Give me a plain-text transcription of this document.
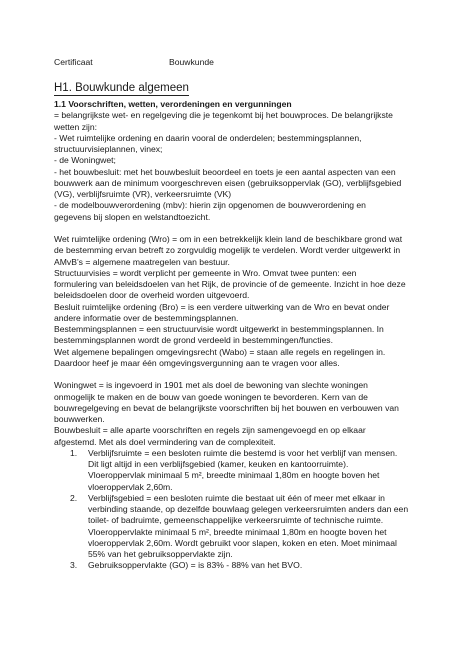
Certificaat	Bouwkunde
H1. Bouwkunde algemeen
1.1 Voorschriften, wetten, verordeningen en vergunningen

= belangrijkste wet- en regelgeving die je tegenkomt bij het bouwproces. De belangrijkste

wetten zijn:

- Wet ruimtelijke ordening en daarin vooral de onderdelen; bestemmingsplannen,

structuurvisieplannen, vinex;

- de Woningwet;

- het bouwbesluit: met het bouwbesluit beoordeel en toets je een aantal aspecten van een

bouwwerk aan de minimum voorgeschreven eisen (gebruiksoppervlak (GO), verblijfsgebied

(VG), verblijfsruimte (VR), verkeersruimte (VK)

- de modelbouwverordening (mbv): hierin zijn opgenomen de bouwverordening en

gegevens bij slopen en welstandtoezicht.

Wet ruimtelijke ordening (Wro) = om in een betrekkelijk klein land de beschikbare grond wat

de bestemming ervan betreft zo zorgvuldig mogelijk te verdelen. Wordt verder uitgewerkt in

AMvB’s = algemene maatregelen van bestuur.

Structuurvisies = wordt verplicht per gemeente in Wro. Omvat twee punten: een

formulering van beleidsdoelen van het Rijk, de provincie of de gemeente. Inzicht in hoe deze

beleidsdoelen door de overheid worden uitgevoerd.

Besluit ruimtelijke ordening (Bro) = is een verdere uitwerking van de Wro en bevat onder

andere informatie over de bestemmingsplannen.

Bestemmingsplannen = een structuurvisie wordt uitgewerkt in bestemmingsplannen. In

bestemmingsplannen wordt de grond verdeeld in bestemmingen/functies.

Wet algemene bepalingen omgevingsrecht (Wabo) = staan alle regels en regelingen in.

Daardoor heef je maar één omgevingsvergunning aan te vragen voor alles.

Woningwet = is ingevoerd in 1901 met als doel de bewoning van slechte woningen

onmogelijk te maken en de bouw van goede woningen te bevorderen. Kern van de

bouwregelgeving en bevat de belangrijkste voorschriften bij het bouwen en verbouwen van

bouwwerken.

Bouwbesluit = alle aparte voorschriften en regels zijn samengevoegd en op elkaar

afgestemd. Met als doel vermindering van de complexiteit.

1. Verblijfsruimte = een besloten ruimte die bestemd is voor het verblijf van mensen.

Dit ligt altijd in een verblijfsgebied (kamer, keuken en kantoorruimte).

Vloeroppervlak minimaal 5 m², breedte minimaal 1,80m en hoogte boven het

vloeroppervlak 2,60m.

2. Verblijfsgebied = een besloten ruimte die bestaat uit één of meer met elkaar in

verbinding staande, op dezelfde bouwlaag gelegen verkeersruimten anders dan een

toilet- of badruimte, gemeenschappelijke verkeersruimte of technische ruimte.

Vloeroppervlakte minimaal 5 m², breedte minimaal 1,80m en hoogte boven het

vloeroppervlak 2,60m. Wordt gebruikt voor slapen, koken en eten. Moet minimaal

55% van het gebruiksoppervlakte zijn.

3. Gebruiksoppervlakte (GO) = is 83% - 88% van het BVO.
